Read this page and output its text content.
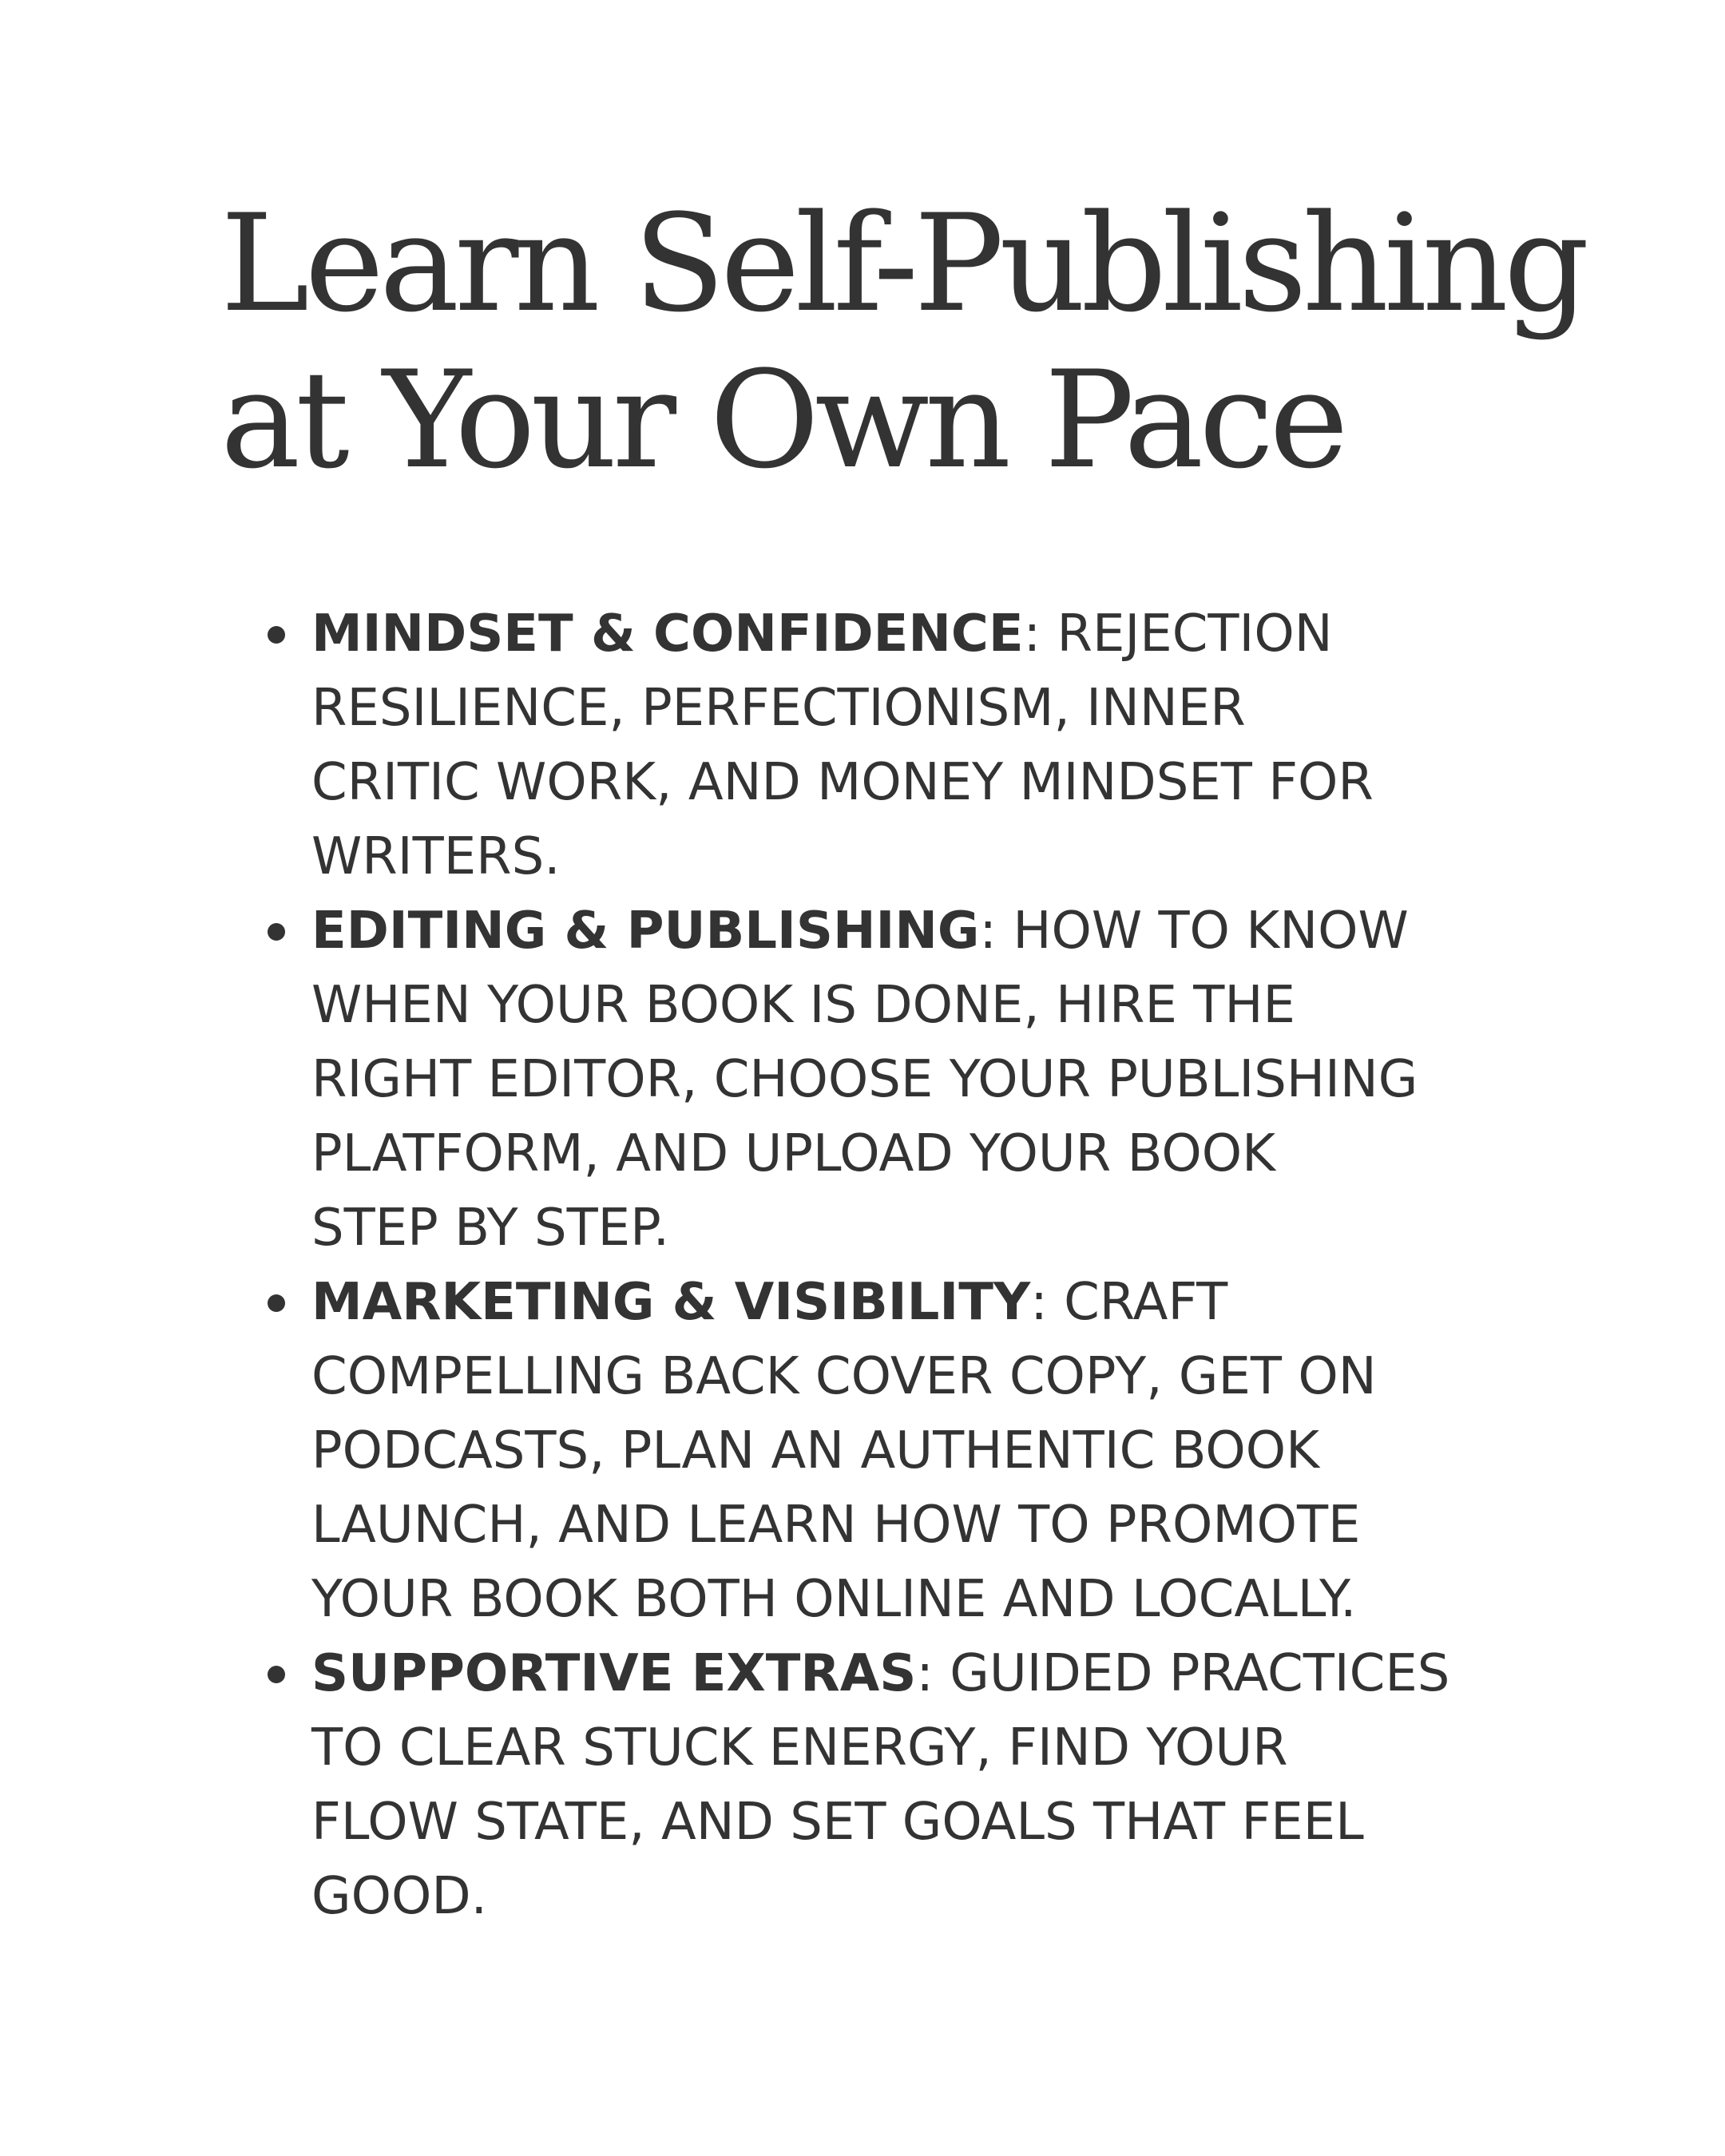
Learn Self-Publishing
at Your Own Pace
MINDSET & CONFIDENCE: REJECTION
RESILIENCE, PERFECTIONISM, INNER
CRITIC WORK, AND MONEY MINDSET FOR
WRITERS.
EDITING & PUBLISHING: HOW TO KNOW
WHEN YOUR BOOK IS DONE, HIRE THE
RIGHT EDITOR, CHOOSE YOUR PUBLISHING
PLATFORM, AND UPLOAD YOUR BOOK
STEP BY STEP.
MARKETING & VISIBILITY: CRAFT
COMPELLING BACK COVER COPY, GET ON
PODCASTS, PLAN AN AUTHENTIC BOOK
LAUNCH, AND LEARN HOW TO PROMOTE
YOUR BOOK BOTH ONLINE AND LOCALLY.
SUPPORTIVE EXTRAS: GUIDED PRACTICES
TO CLEAR STUCK ENERGY, FIND YOUR
FLOW STATE, AND SET GOALS THAT FEEL
GOOD.
